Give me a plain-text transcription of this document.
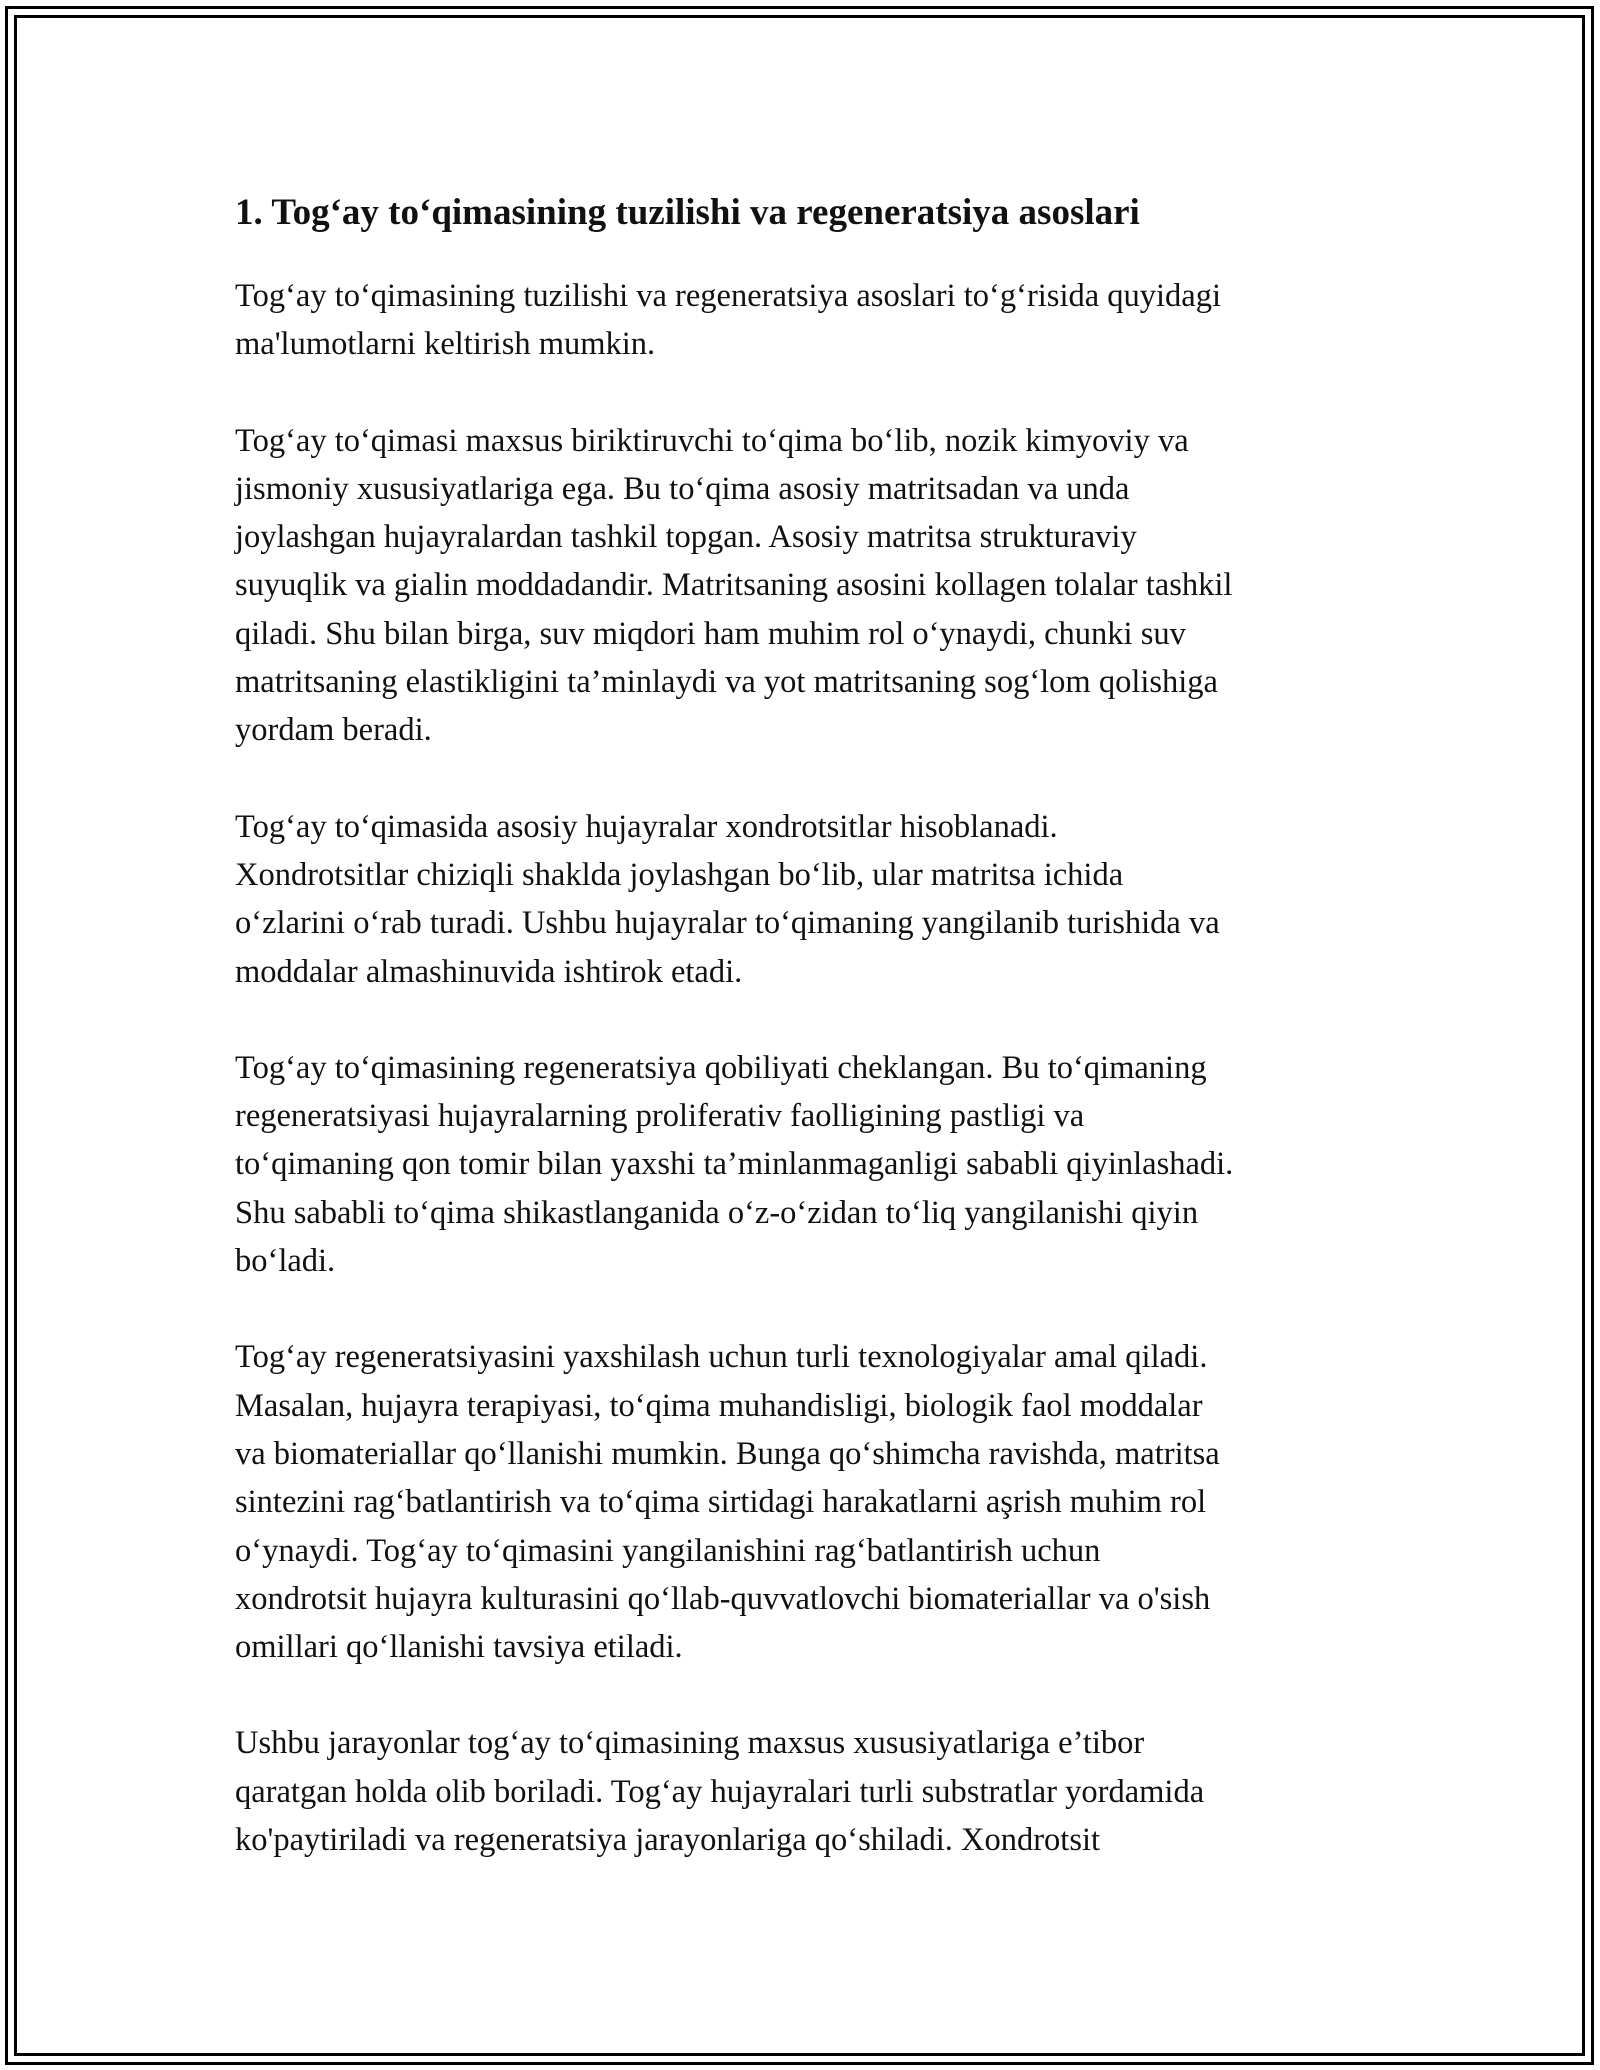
1. Tog‘ay to‘qimasining tuzilishi va regeneratsiya asoslari

Tog‘ay to‘qimasining tuzilishi va regeneratsiya asoslari to‘g‘risida quyidagi
ma'lumotlarni keltirish mumkin.

Tog‘ay to‘qimasi maxsus biriktiruvchi to‘qima bo‘lib, nozik kimyoviy va
jismoniy xususiyatlariga ega. Bu to‘qima asosiy matritsadan va unda
joylashgan hujayralardan tashkil topgan. Asosiy matritsa strukturaviy
suyuqlik va gialin moddadandir. Matritsaning asosini kollagen tolalar tashkil
qiladi. Shu bilan birga, suv miqdori ham muhim rol o‘ynaydi, chunki suv
matritsaning elastikligini ta’minlaydi va yot matritsaning sog‘lom qolishiga
yordam beradi.

Tog‘ay to‘qimasida asosiy hujayralar xondrotsitlar hisoblanadi.
Xondrotsitlar chiziqli shaklda joylashgan bo‘lib, ular matritsa ichida
o‘zlarini o‘rab turadi. Ushbu hujayralar to‘qimaning yangilanib turishida va
moddalar almashinuvida ishtirok etadi.

Tog‘ay to‘qimasining regeneratsiya qobiliyati cheklangan. Bu to‘qimaning
regeneratsiyasi hujayralarning proliferativ faolligining pastligi va
to‘qimaning qon tomir bilan yaxshi ta’minlanmaganligi sababli qiyinlashadi.
Shu sababli to‘qima shikastlanganida o‘z-o‘zidan to‘liq yangilanishi qiyin
bo‘ladi.

Tog‘ay regeneratsiyasini yaxshilash uchun turli texnologiyalar amal qiladi.
Masalan, hujayra terapiyasi, to‘qima muhandisligi, biologik faol moddalar
va biomateriallar qo‘llanishi mumkin. Bunga qo‘shimcha ravishda, matritsa
sintezini rag‘batlantirish va to‘qima sirtidagi harakatlarni aşrish muhim rol
o‘ynaydi. Tog‘ay to‘qimasini yangilanishini rag‘batlantirish uchun
xondrotsit hujayra kulturasini qo‘llab-quvvatlovchi biomateriallar va o'sish
omillari qo‘llanishi tavsiya etiladi.

Ushbu jarayonlar tog‘ay to‘qimasining maxsus xususiyatlariga e’tibor
qaratgan holda olib boriladi. Tog‘ay hujayralari turli substratlar yordamida
ko'paytiriladi va regeneratsiya jarayonlariga qo‘shiladi. Xondrotsit
